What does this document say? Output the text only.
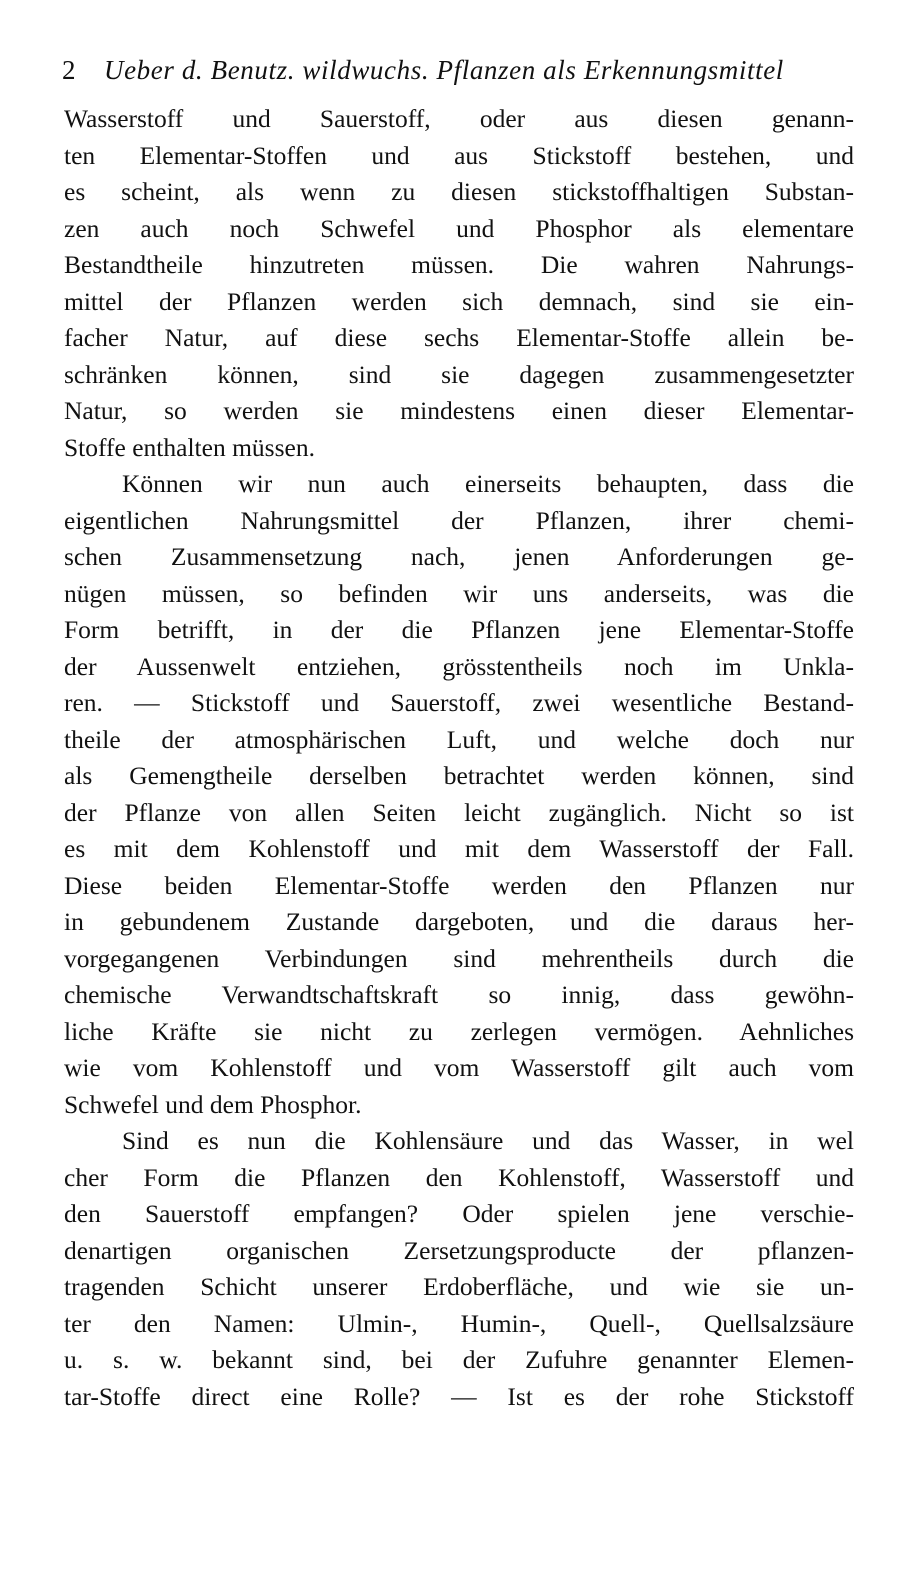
2 Ueber d. Benutz. wildwuchs. Pflanzen als Erkennungsmittel
Wasserstoff und Sauerstoff, oder aus diesen genann-
ten Elementar-Stoffen und aus Stickstoff bestehen, und
es scheint, als wenn zu diesen stickstoffhaltigen Substan-
zen auch noch Schwefel und Phosphor als elementare
Bestandtheile hinzutreten müssen. Die wahren Nahrungs-
mittel der Pflanzen werden sich demnach, sind sie ein-
facher Natur, auf diese sechs Elementar-Stoffe allein be-
schränken können, sind sie dagegen zusammengesetzter
Natur, so werden sie mindestens einen dieser Elementar-
Stoffe enthalten müssen.
Können wir nun auch einerseits behaupten, dass die
eigentlichen Nahrungsmittel der Pflanzen, ihrer chemi-
schen Zusammensetzung nach, jenen Anforderungen ge-
nügen müssen, so befinden wir uns anderseits, was die
Form betrifft, in der die Pflanzen jene Elementar-Stoffe
der Aussenwelt entziehen, grösstentheils noch im Unkla-
ren. — Stickstoff und Sauerstoff, zwei wesentliche Bestand-
theile der atmosphärischen Luft, und welche doch nur
als Gemengtheile derselben betrachtet werden können, sind
der Pflanze von allen Seiten leicht zugänglich. Nicht so ist
es mit dem Kohlenstoff und mit dem Wasserstoff der Fall.
Diese beiden Elementar-Stoffe werden den Pflanzen nur
in gebundenem Zustande dargeboten, und die daraus her-
vorgegangenen Verbindungen sind mehrentheils durch die
chemische Verwandtschaftskraft so innig, dass gewöhn-
liche Kräfte sie nicht zu zerlegen vermögen. Aehnliches
wie vom Kohlenstoff und vom Wasserstoff gilt auch vom
Schwefel und dem Phosphor.
Sind es nun die Kohlensäure und das Wasser, in wel
cher Form die Pflanzen den Kohlenstoff, Wasserstoff und
den Sauerstoff empfangen? Oder spielen jene verschie-
denartigen organischen Zersetzungsproducte der pflanzen-
tragenden Schicht unserer Erdoberfläche, und wie sie un-
ter den Namen: Ulmin-, Humin-, Quell-, Quellsalzsäure
u. s. w. bekannt sind, bei der Zufuhre genannter Elemen-
tar-Stoffe direct eine Rolle? — Ist es der rohe Stickstoff
